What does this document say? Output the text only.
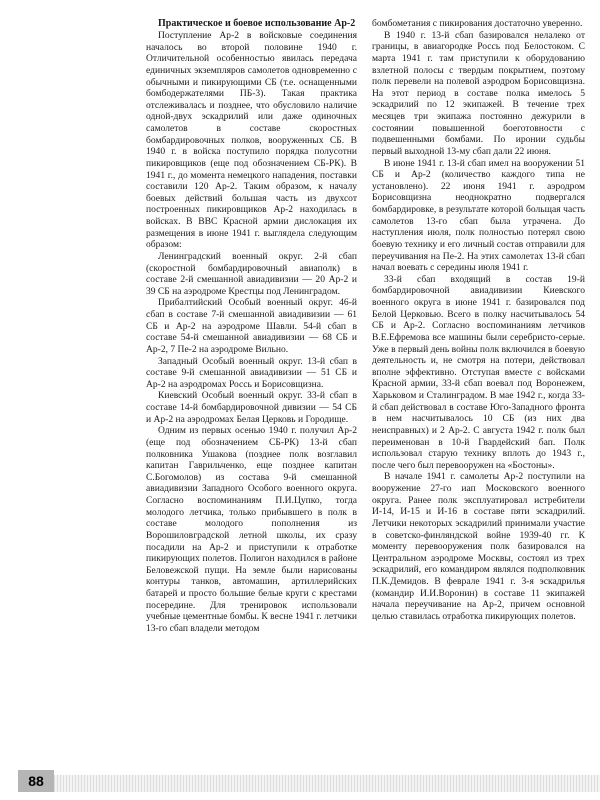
Практическое и боевое использование Ар-2

Поступление Ар-2 в войсковые соединения началось во второй половине 1940 г. Отличительной особенностью явилась передача единичных экземпляров самолетов одновременно с обычными и пикирующими СБ (т.е. оснащенными бомбодержателями ПБ-3). Такая практика отслеживалась и позднее, что обусловило наличие одной-двух эскадрилий или даже одиночных самолетов в составе скоростных бомбардировочных полков, вооруженных СБ. В 1940 г. в войска поступило порядка полусотни пикировщиков (еще под обозначением СБ-РК). В 1941 г., до момента немецкого нападения, поставки составили 120 Ар-2. Таким образом, к началу боевых действий большая часть из двухсот построенных пикировщиков Ар-2 находилась в войсках. В ВВС Красной армии дислокация их размещения в июне 1941 г. выглядела следующим образом:

Ленинградский военный округ. 2-й сбап (скоростной бомбардировочный авиаполк) в составе 2-й смешанной авиадивизии — 20 Ар-2 и 39 СБ на аэродроме Крестцы под Ленинградом.

Прибалтийский Особый военный округ. 46-й сбап в составе 7-й смешанной авиадивизии — 61 СБ и Ар-2 на аэродроме Шавли. 54-й сбап в составе 54-й смешанной авиадивизии — 68 СБ и Ар-2, 7 Пе-2 на аэродроме Вильно.

Западный Особый военный округ. 13-й сбап в составе 9-й смешанной авиадивизии — 51 СБ и Ар-2 на аэродромах Россь и Борисовщизна.

Киевский Особый военный округ. 33-й сбап в составе 14-й бомбардировочной дивизии — 54 СБ и Ар-2 на аэродромах Белая Церковь и Городище.

Одним из первых осенью 1940 г. получил Ар-2 (еще под обозначением СБ-РК) 13-й сбап полковника Ушакова (позднее полк возглавил капитан Гаврильченко, еще позднее капитан С.Богомолов) из состава 9-й смешанной авиадивизии Западного Особого военного округа. Согласно воспоминаниям П.И.Цупко, тогда молодого летчика, только прибывшего в полк в составе молодого пополнения из Ворошиловградской летной школы, их сразу посадили на Ар-2 и приступили к отработке пикирующих полетов. Полигон находился в районе Беловежской пущи. На земле были нарисованы контуры танков, автомашин, артиллерийских батарей и просто большие белые круги с крестами посередине. Для тренировок использовали учебные цементные бомбы. К весне 1941 г. летчики 13-го сбап владели методом

бомбометания с пикирования достаточно уверенно.

В 1940 г. 13-й сбап базировался нелалеко от границы, в авиагородке Россь под Белостоком. С марта 1941 г. там приступили к оборудованию взлетной полосы с твердым покрытием, поэтому полк перевели на полевой аэродром Борисовщизна. На этот период в составе полка имелось 5 эскадрилий по 12 экипажей. В течение трех месяцев три экипажа постоянно дежурили в состоянии повышенной боеготовности с подвешенными бомбами. По иронии судьбы первый выходной 13-му сбап дали 22 июня.

В июне 1941 г. 13-й сбап имел на вооружении 51 СБ и Ар-2 (количество каждого типа не установлено). 22 июня 1941 г. аэродром Борисовщизна неоднократно подвергался бомбардировке, в результате которой больщая часть самолетов 13-го сбап была утрачена. До наступления июля, полк полностью потерял свою боевую технику и его личный состав отправили для переучивания на Пе-2. На этих самолетах 13-й сбап начал воевать с середины июля 1941 г.

33-й сбап входящий в состав 19-й бомбардировочной авиадивизии Киевского военного округа в июне 1941 г. базировался под Белой Церковью. Всего в полку насчитывалось 54 СБ и Ар-2. Согласно воспоминаниям летчиков В.Е.Ефремова все машины были серебристо-серые. Уже в первый день войны полк включился в боевую деятельность и, не смотря на потери, действовал вполне эффективно. Отступая вместе с войсками Красной армии, 33-й сбап воевал под Воронежем, Харьковом и Сталинградом. В мае 1942 г., когда 33-й сбап действовал в составе Юго-Западного фронта в нем насчитывалось 10 СБ (из них два неисправных) и 2 Ар-2. С августа 1942 г. полк был переименован в 10-й Гвардейский бап. Полк использовал старую технику вплоть до 1943 г., после чего был перевооружен на «Бостоны».

В начале 1941 г. самолеты Ар-2 поступили на вооружение 27-го иап Московского военного округа. Ранее полк эксплуатировал истребители И-14, И-15 и И-16 в составе пяти эскадрилий. Летчики некоторых эскадрилий принимали участие в советско-финляндской войне 1939-40 гг. К моменту перевооружения полк базировался на Центральном аэродроме Москвы, состоял из трех эскадрилий, его командиром являлся подполковник П.К.Демидов. В феврале 1941 г. 3-я эскадрилья (командир И.И.Воронин) в составе 11 экипажей начала переучивание на Ар-2, причем основной целью ставилась отработка пикирующих полетов.

88
